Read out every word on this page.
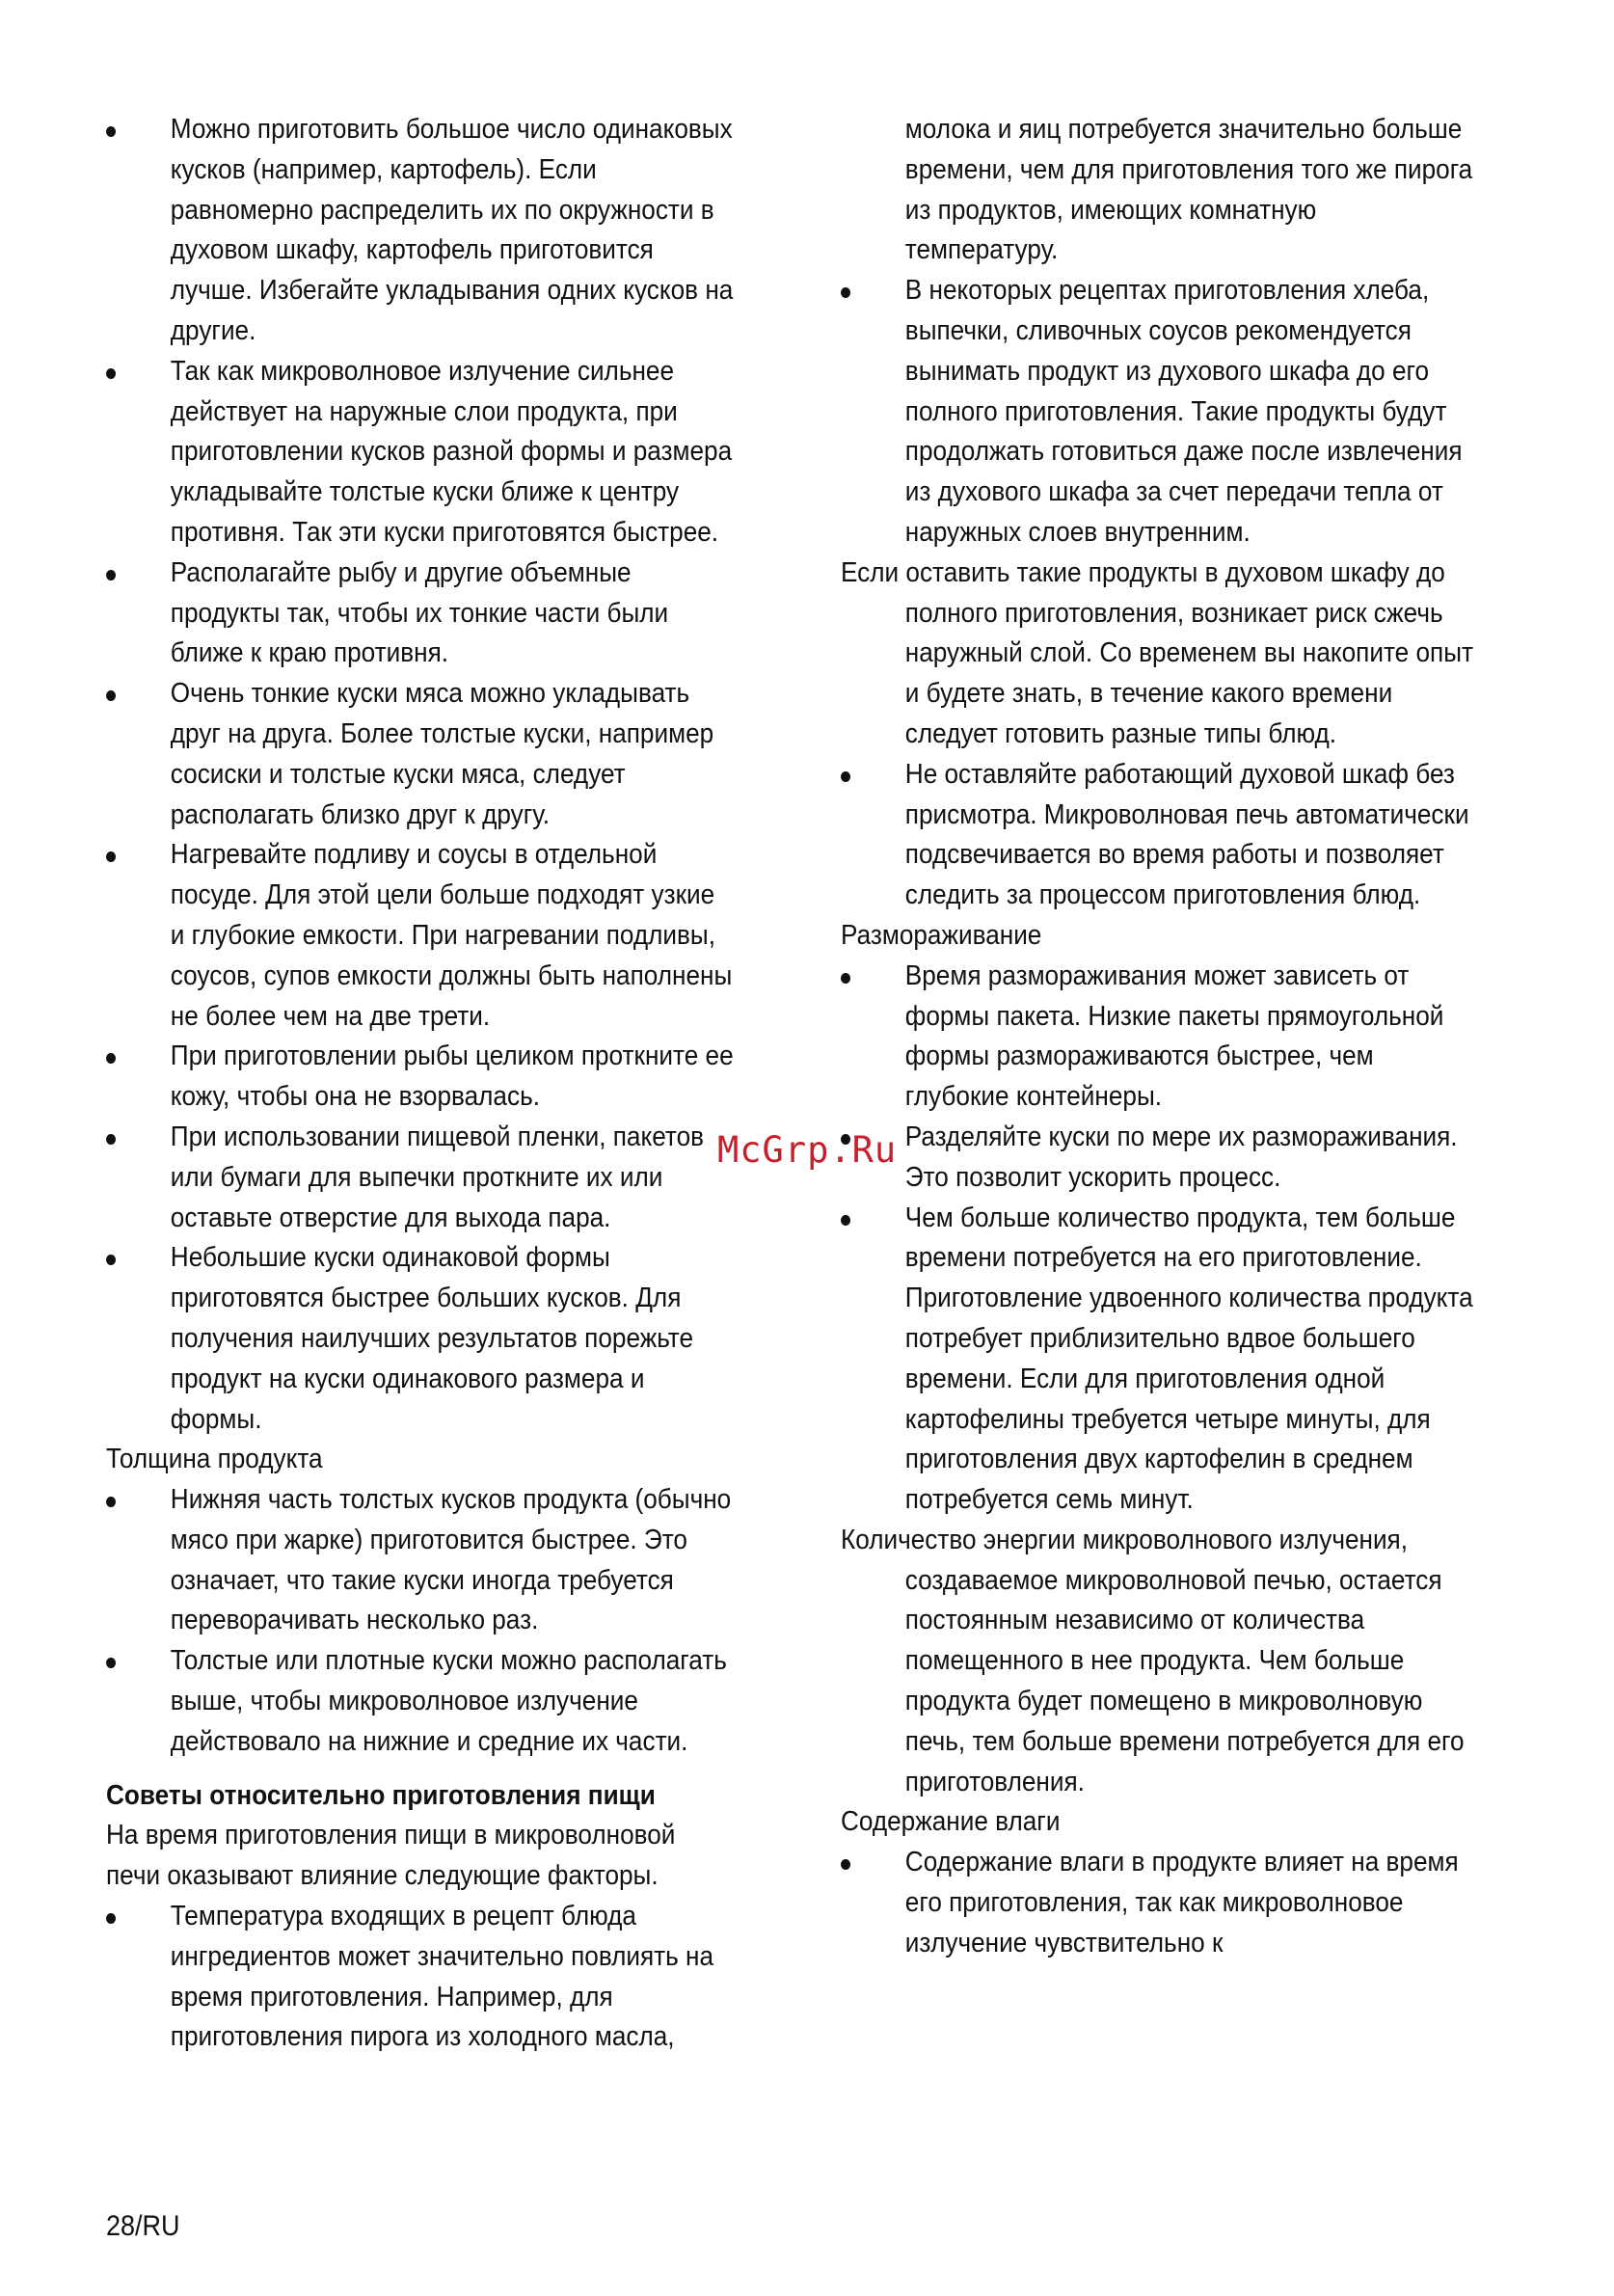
Можно приготовить большое число одинаковых кусков (например, картофель). Если равномерно распределить их по окружности в духовом шкафу, картофель приготовится лучше. Избегайте укладывания одних кусков на другие.
Так как микроволновое излучение сильнее действует на наружные слои продукта, при приготовлении кусков разной формы и размера укладывайте толстые куски ближе к центру противня. Так эти куски приготовятся быстрее.
Располагайте рыбу и другие объемные продукты так, чтобы их тонкие части были ближе к краю противня.
Очень тонкие куски мяса можно укладывать друг на друга. Более толстые куски, например сосиски и толстые куски мяса, следует располагать близко друг к другу.
Нагревайте подливу и соусы в отдельной посуде. Для этой цели больше подходят узкие и глубокие емкости. При нагревании подливы, соусов, супов емкости должны быть наполнены не более чем на две трети.
При приготовлении рыбы целиком проткните ее кожу, чтобы она не взорвалась.
При использовании пищевой пленки, пакетов или бумаги для выпечки проткните их или оставьте отверстие для выхода пара.
Небольшие куски одинаковой формы приготовятся быстрее больших кусков. Для получения наилучших результатов порежьте продукт на куски одинакового размера и формы.
Толщина продукта
Нижняя часть толстых кусков продукта (обычно мясо при жарке) приготовится быстрее. Это означает, что такие куски иногда требуется переворачивать несколько раз.
Толстые или плотные куски можно располагать выше, чтобы микроволновое излучение действовало на нижние и средние их части.
Советы относительно приготовления пищи
На время приготовления пищи в микроволновой печи оказывают влияние следующие факторы.
Температура входящих в рецепт блюда ингредиентов может значительно повлиять на время приготовления. Например, для приготовления пирога из холодного масла,
молока и яиц потребуется значительно больше времени, чем для приготовления того же пирога из продуктов, имеющих комнатную температуру.
В некоторых рецептах приготовления хлеба, выпечки, сливочных соусов рекомендуется вынимать продукт из духового шкафа до его полного приготовления. Такие продукты будут продолжать готовиться даже после извлечения из духового шкафа за счет передачи тепла от наружных слоев внутренним.
Если оставить такие продукты в духовом шкафу до полного приготовления, возникает риск сжечь наружный слой. Со временем вы накопите опыт и будете знать, в течение какого времени следует готовить разные типы блюд.
Не оставляйте работающий духовой шкаф без присмотра. Микроволновая печь автоматически подсвечивается во время работы и позволяет следить за процессом приготовления блюд.
Размораживание
Время размораживания может зависеть от формы пакета. Низкие пакеты прямоугольной формы размораживаются быстрее, чем глубокие контейнеры.
Разделяйте куски по мере их размораживания. Это позволит ускорить процесс.
Чем больше количество продукта, тем больше времени потребуется на его приготовление. Приготовление удвоенного количества продукта потребует приблизительно вдвое большего времени. Если для приготовления одной картофелины требуется четыре минуты, для приготовления двух картофелин в среднем потребуется семь минут.
Количество энергии микроволнового излучения, создаваемое микроволновой печью, остается постоянным независимо от количества помещенного в нее продукта. Чем больше продукта будет помещено в микроволновую печь, тем больше времени потребуется для его приготовления.
Содержание влаги
Содержание влаги в продукте влияет на время его приготовления, так как микроволновое излучение чувствительно к
McGrp.Ru
28/RU
